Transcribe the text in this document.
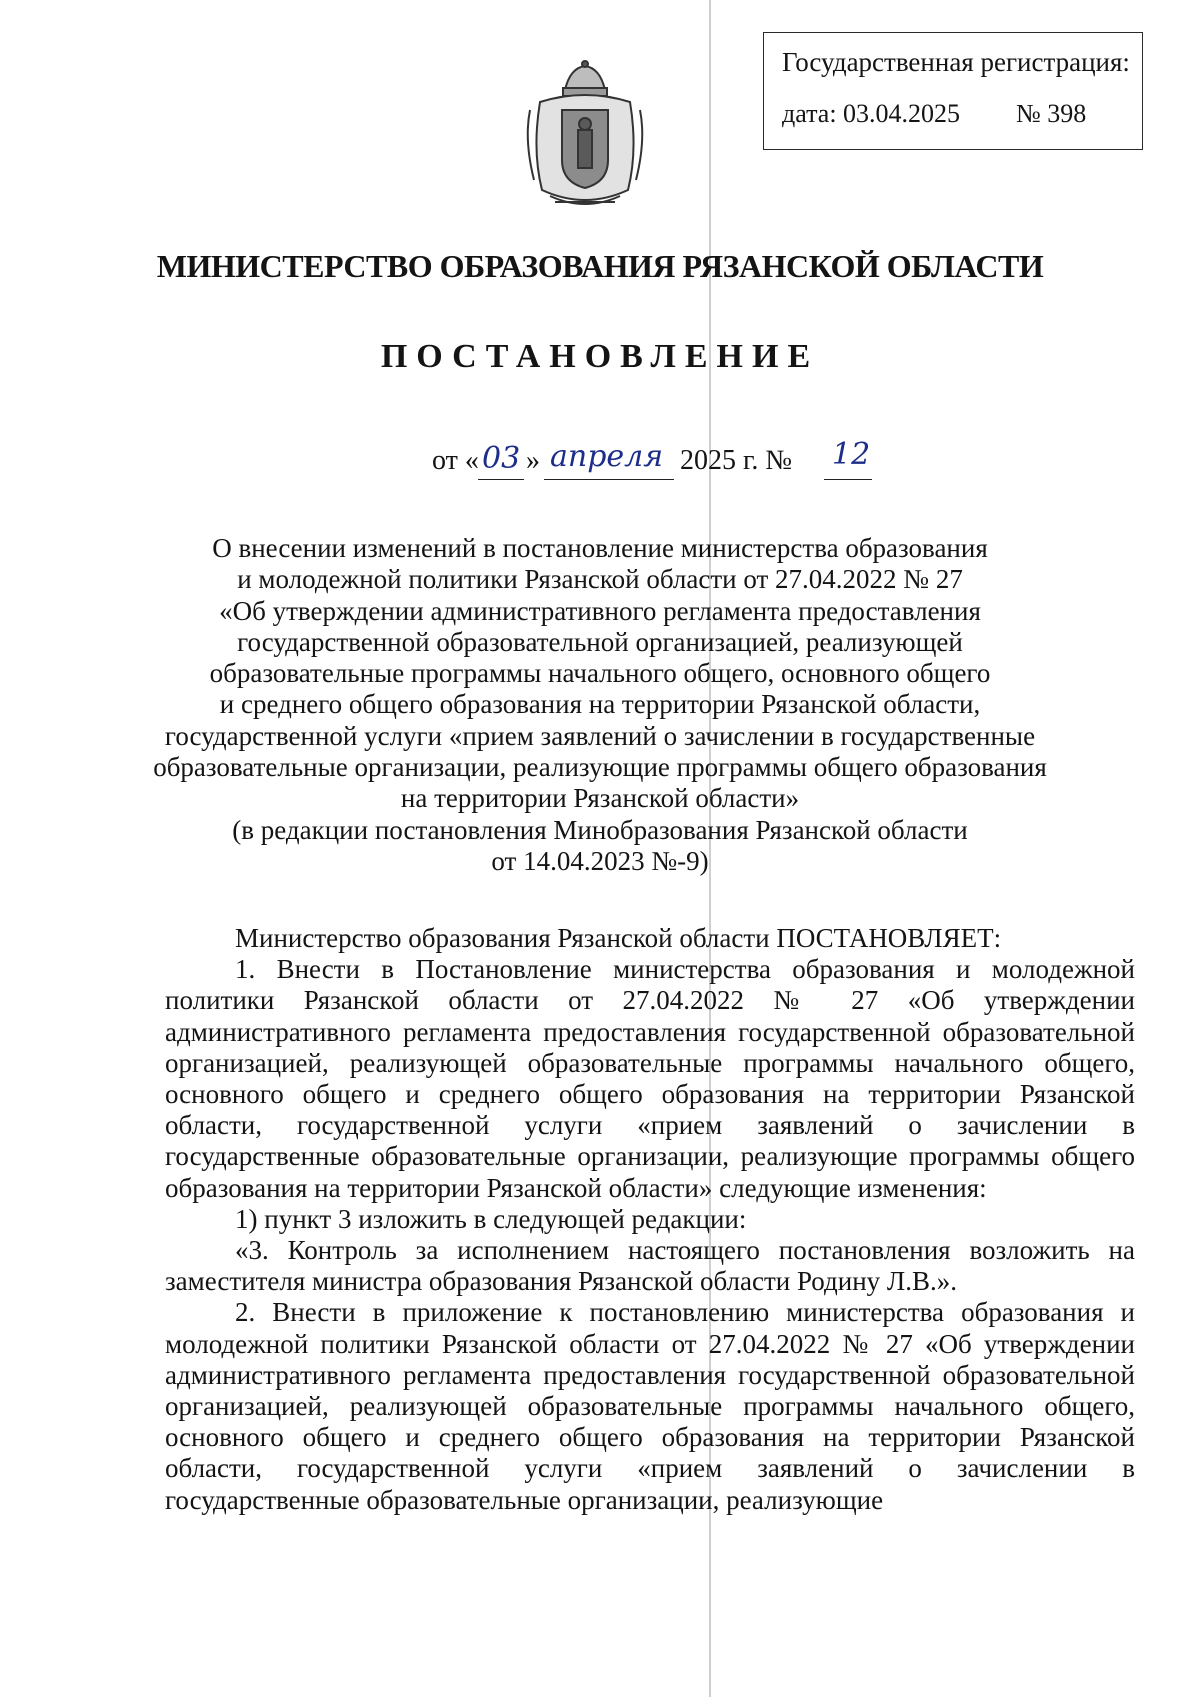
Государственная регистрация:
дата: 03.04.2025 № 398
МИНИСТЕРСТВО ОБРАЗОВАНИЯ РЯЗАНСКОЙ ОБЛАСТИ
ПОСТАНОВЛЕНИЕ
от « 03 » апреля 2025 г. № 12
О внесении изменений в постановление министерства образования
и молодежной политики Рязанской области от 27.04.2022 № 27
«Об утверждении административного регламента предоставления
государственной образовательной организацией, реализующей
образовательные программы начального общего, основного общего
и среднего общего образования на территории Рязанской области,
государственной услуги «прием заявлений о зачислении в государственные
образовательные организации, реализующие программы общего образования
на территории Рязанской области»
(в редакции постановления Минобразования Рязанской области
от 14.04.2023 №-9)

Министерство образования Рязанской области ПОСТАНОВЛЯЕТ:

1. Внести в Постановление министерства образования и молодежной политики Рязанской области от 27.04.2022 № 27 «Об утверждении административного регламента предоставления государственной образовательной организацией, реализующей образовательные программы начального общего, основного общего и среднего общего образования на территории Рязанской области, государственной услуги «прием заявлений о зачислении в государственные образовательные организации, реализующие программы общего образования на территории Рязанской области» следующие изменения:

1) пункт 3 изложить в следующей редакции:

«3. Контроль за исполнением настоящего постановления возложить на заместителя министра образования Рязанской области Родину Л.В.».

2. Внести в приложение к постановлению министерства образования и молодежной политики Рязанской области от 27.04.2022 № 27 «Об утверждении административного регламента предоставления государственной образовательной организацией, реализующей образовательные программы начального общего, основного общего и среднего общего образования на территории Рязанской области, государственной услуги «прием заявлений о зачислении в государственные образовательные организации, реализующие
